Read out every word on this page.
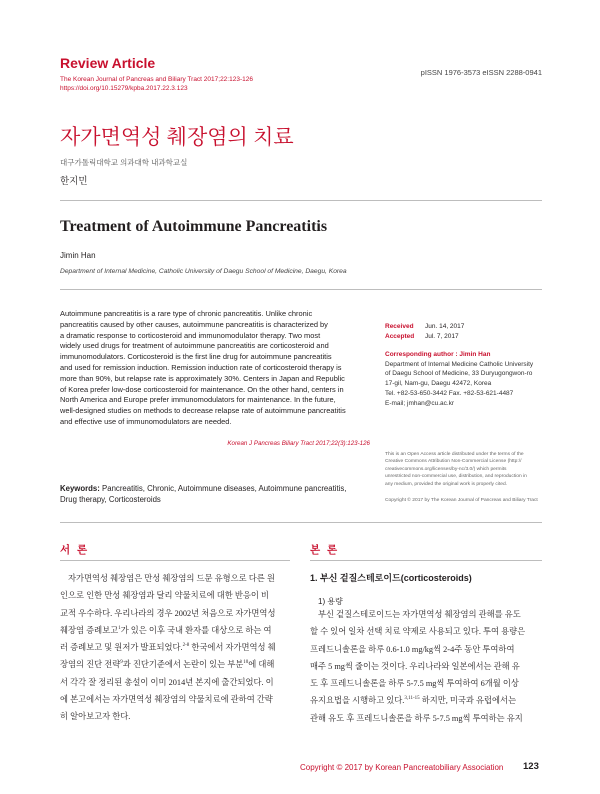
Review Article
The Korean Journal of Pancreas and Biliary Tract 2017;22:123-126
https://doi.org/10.15279/kpba.2017.22.3.123
pISSN 1976-3573 eISSN 2288-0941
자가면역성 췌장염의 치료
대구가톨릭대학교 의과대학 내과학교실
한지민
Treatment of Autoimmune Pancreatitis
Jimin Han
Department of Internal Medicine, Catholic University of Daegu School of Medicine, Daegu, Korea
Autoimmune pancreatitis is a rare type of chronic pancreatitis. Unlike chronic
pancreatitis caused by other causes, autoimmune pancreatitis is characterized by
a dramatic response to corticosteroid and immunomodulator therapy. Two most
widely used drugs for treatment of autoimmune pancreatitis are corticosteroid and
immunomodulators. Corticosteroid is the first line drug for autoimmune pancreatitis
and used for remission induction. Remission induction rate of corticosteroid therapy is
more than 90%, but relapse rate is approximately 30%. Centers in Japan and Republic
of Korea prefer low-dose corticosteroid for maintenance. On the other hand, centers in
North America and Europe prefer immunomodulators for maintenance. In the future,
well-designed studies on methods to decrease relapse rate of autoimmune pancreatitis
and effective use of immunomodulators are needed.
Korean J Pancreas Biliary Tract 2017;22(3):123-126
Keywords: Pancreatitis, Chronic, Autoimmune diseases, Autoimmune pancreatitis,
Drug therapy, Corticosteroids
Received Jun. 14, 2017
Accepted Jul. 7, 2017
Corresponding author : Jimin Han
Department of Internal Medicine Catholic University
of Daegu School of Medicine, 33 Duryugongwon-ro
17-gil, Nam-gu, Daegu 42472, Korea
Tel. +82-53-650-3442 Fax. +82-53-621-4487
E-mail; jmhan@cu.ac.kr
This is an Open Access article distributed under the terms of the
Creative Commons Attribution Non-Commercial License (http://
creativecommons.org/licenses/by-nc/3.0/) which permits
unrestricted non-commercial use, distribution, and reproduction in
any medium, provided the original work is properly cited.
Copyright © 2017 by The Korean Journal of Pancreas and Biliary Tract
서 론
자가면역성 췌장염은 만성 췌장염의 드문 유형으로 다른 원
인으로 인한 만성 췌장염과 달리 약물치료에 대한 반응이 비
교적 우수하다. 우리나라의 경우 2002년 처음으로 자가면역성
췌장염 증례보고$^1$가 있은 이후 국내 환자를 대상으로 하는 여
러 증례보고 및 원저가 발표되었다.$^{2-8}$ 한국에서 자가면역성 췌
장염의 진단 전략$^9$과 진단기준에서 논란이 있는 부분$^{10}$에 대해
서 각각 잘 정리된 총설이 이미 2014년 본지에 출간되었다. 이
에 본고에서는 자가면역성 췌장염의 약물치료에 관하여 간략
히 알아보고자 한다.
본 론
1. 부신 겉질스테로이드(corticosteroids)
1) 용량
부신 겉질스테로이드는 자가면역성 췌장염의 관해를 유도
할 수 있어 일차 선택 치료 약제로 사용되고 있다. 투여 용량은
프레드니솔론을 하루 0.6-1.0 mg/kg씩 2-4주 동안 투여하여
매주 5 mg씩 줄이는 것이다. 우리나라와 일본에서는 관해 유
도 후 프레드니솔론을 하루 5-7.5 mg씩 투여하여 6개월 이상
유지요법을 시행하고 있다.$^{3,11-15}$ 하지만, 미국과 유럽에서는
관해 유도 후 프레드니솔론을 하루 5-7.5 mg씩 투여하는 유지
Copyright © 2017 by Korean Pancreatobiliary Association 123
